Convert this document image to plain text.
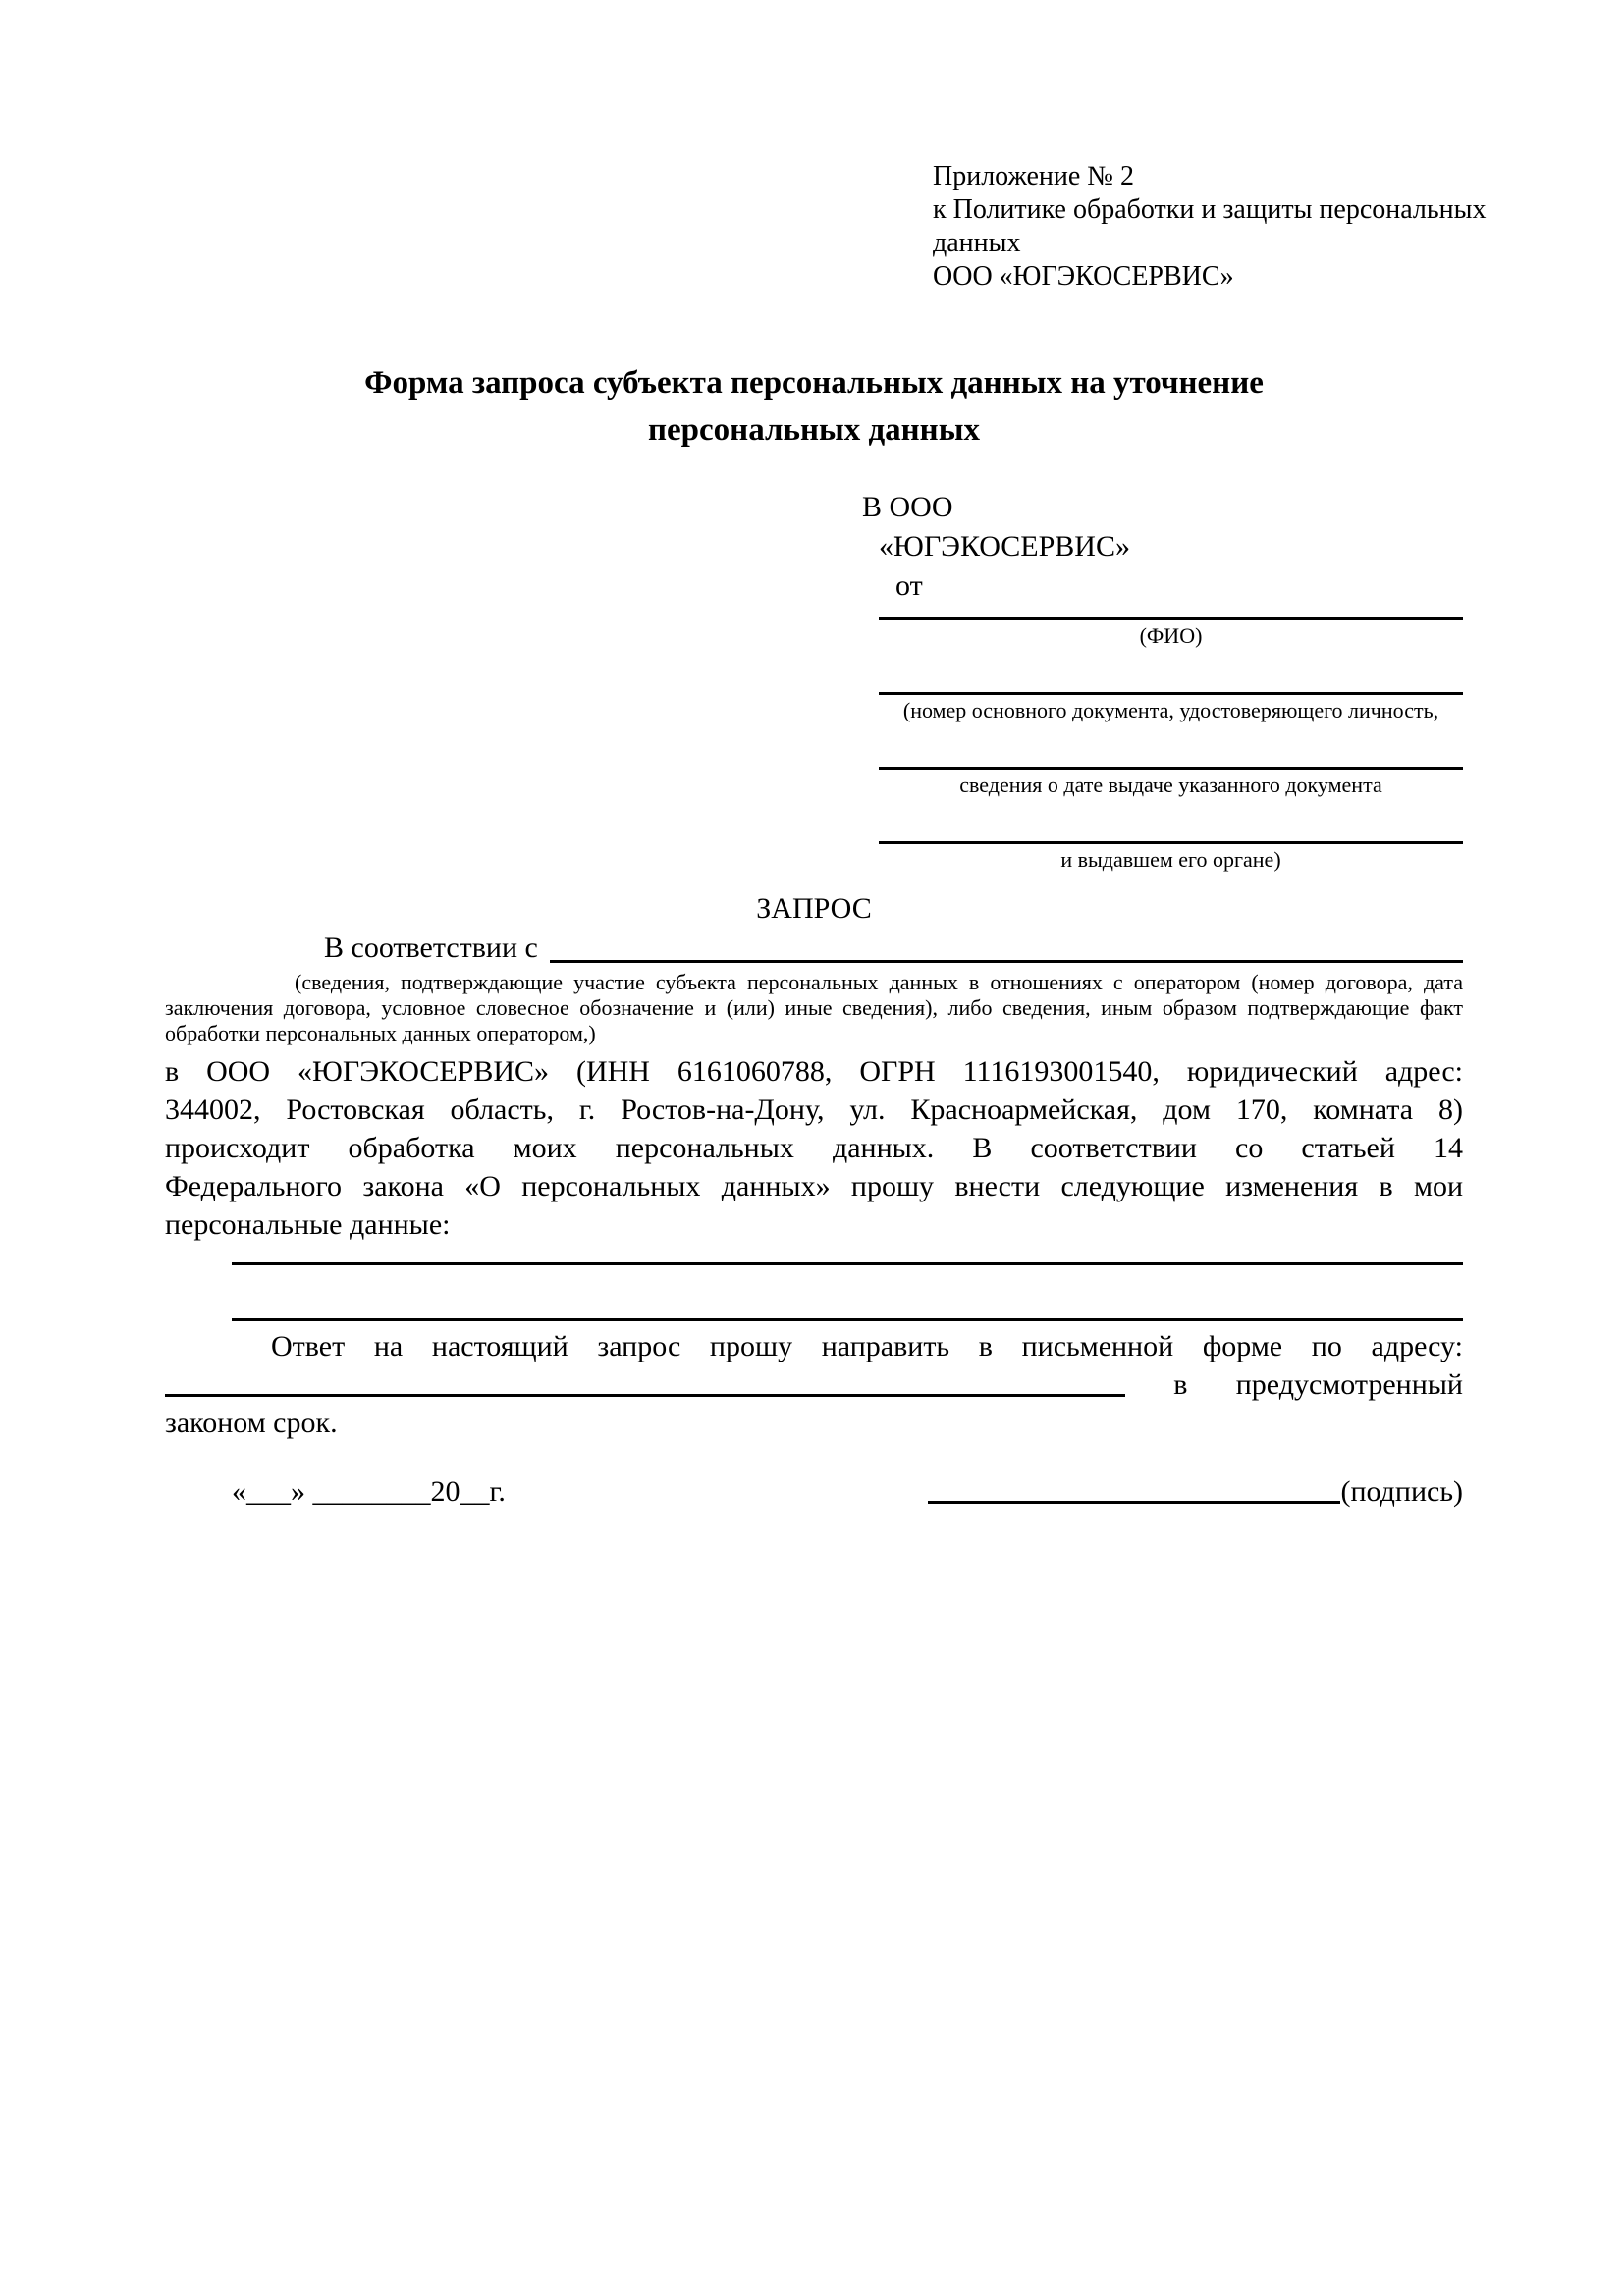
Приложение № 2
к Политике обработки и защиты персональных
данных
ООО «ЮГЭКОСЕРВИС»
Форма запроса субъекта персональных данных на уточнение
персональных данных
В ООО
«ЮГЭКОСЕРВИС»
от
(ФИО)
(номер основного документа, удостоверяющего личность,
сведения о дате выдаче указанного документа
и выдавшем его органе)
ЗАПРОС
В соответствии с
(сведения, подтверждающие участие субъекта персональных данных в отношениях с оператором (номер договора, дата
заключения договора, условное словесное обозначение и (или) иные сведения), либо сведения, иным образом подтверждающие факт
обработки персональных данных оператором,)
в ООО «ЮГЭКОСЕРВИС» (ИНН 6161060788, ОГРН 1116193001540, юридический адрес:
344002, Ростовская область, г. Ростов-на-Дону, ул. Красноармейская, дом 170, комната 8)
происходит обработка моих персональных данных. В соответствии со статьей 14
Федерального закона «О персональных данных» прошу внести следующие изменения в мои
персональные данные:
Ответ на настоящий запрос прошу направить в письменной форме по адресу:
в предусмотренный
законом срок.
«___» ________20__г.	(подпись)
